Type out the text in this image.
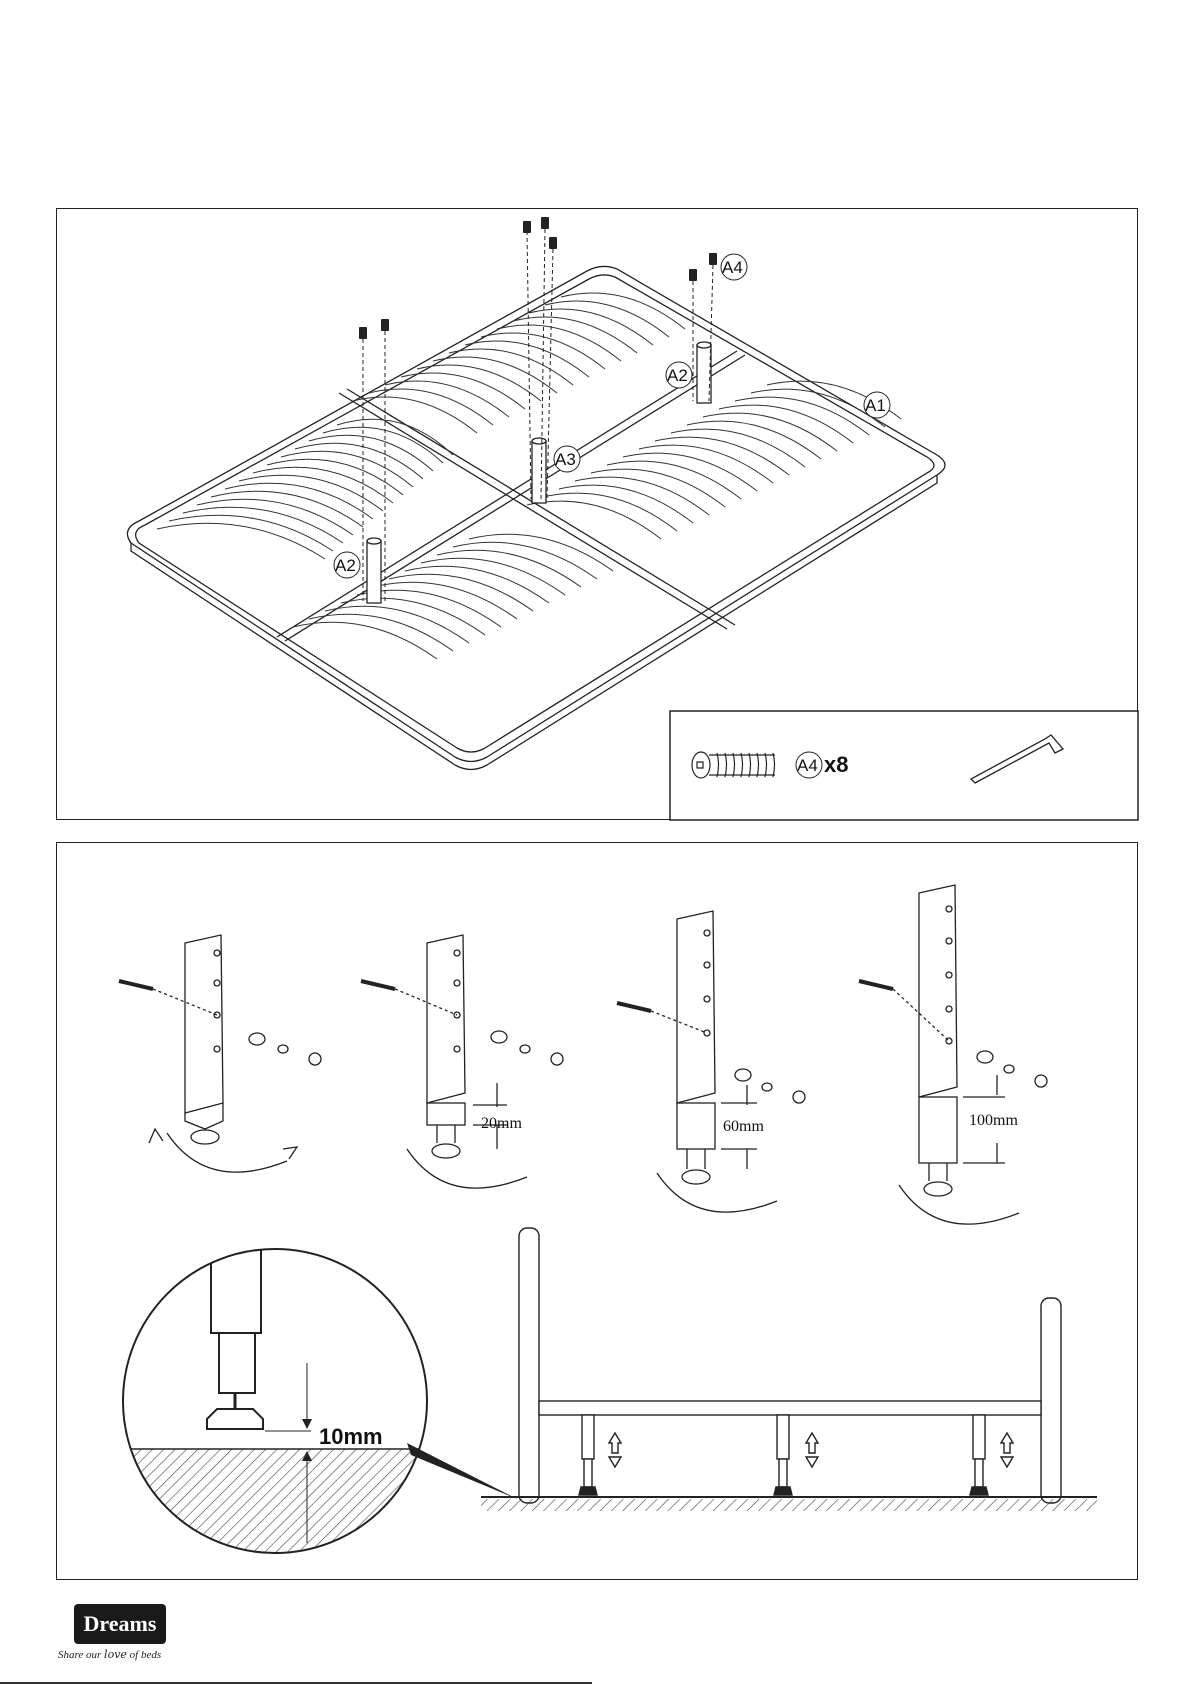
A1
A2
A3
A2
A4
A4 x8
20mm	60mm	100mm
10mm
Dreams
Share our love of beds
